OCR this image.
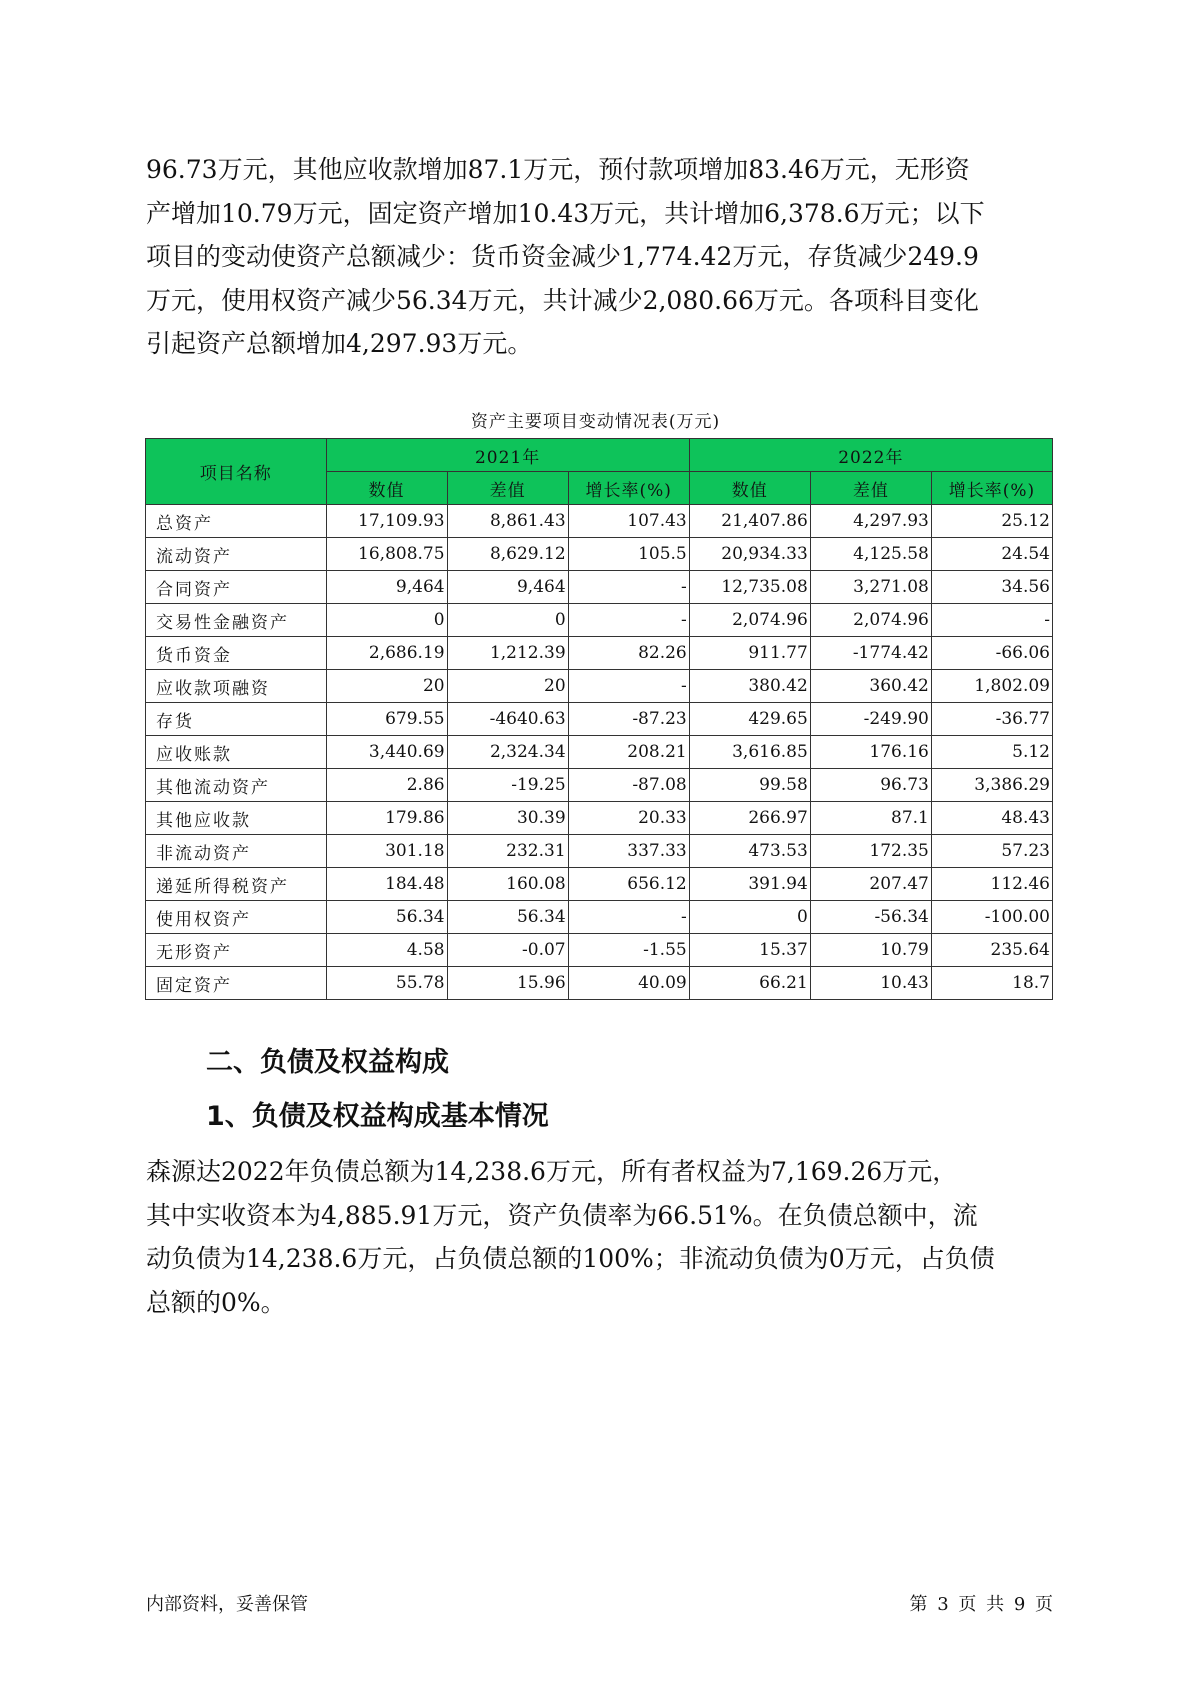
96.73万元，其他应收款增加87.1万元，预付款项增加83.46万元，无形资
产增加10.79万元，固定资产增加10.43万元，共计增加6,378.6万元；以下
项目的变动使资产总额减少：货币资金减少1,774.42万元，存货减少249.9
万元，使用权资产减少56.34万元，共计减少2,080.66万元。各项科目变化
引起资产总额增加4,297.93万元。
资产主要项目变动情况表(万元)
项目名称	2021年			2022年		
	数值	差值	增长率(%)	数值	差值	增长率(%)
总资产	17,109.93	8,861.43	107.43	21,407.86	4,297.93	25.12
流动资产	16,808.75	8,629.12	105.5	20,934.33	4,125.58	24.54
合同资产	9,464	9,464	-	12,735.08	3,271.08	34.56
交易性金融资产	0	0	-	2,074.96	2,074.96	-
货币资金	2,686.19	1,212.39	82.26	911.77	-1774.42	-66.06
应收款项融资	20	20	-	380.42	360.42	1,802.09
存货	679.55	-4640.63	-87.23	429.65	-249.90	-36.77
应收账款	3,440.69	2,324.34	208.21	3,616.85	176.16	5.12
其他流动资产	2.86	-19.25	-87.08	99.58	96.73	3,386.29
其他应收款	179.86	30.39	20.33	266.97	87.1	48.43
非流动资产	301.18	232.31	337.33	473.53	172.35	57.23
递延所得税资产	184.48	160.08	656.12	391.94	207.47	112.46
使用权资产	56.34	56.34	-	0	-56.34	-100.00
无形资产	4.58	-0.07	-1.55	15.37	10.79	235.64
固定资产	55.78	15.96	40.09	66.21	10.43	18.7
二、负债及权益构成
1、负债及权益构成基本情况
森源达2022年负债总额为14,238.6万元，所有者权益为7,169.26万元，
其中实收资本为4,885.91万元，资产负债率为66.51%。在负债总额中，流
动负债为14,238.6万元，占负债总额的100%；非流动负债为0万元，占负债
总额的0%。
内部资料，妥善保管	第 3 页 共 9 页
